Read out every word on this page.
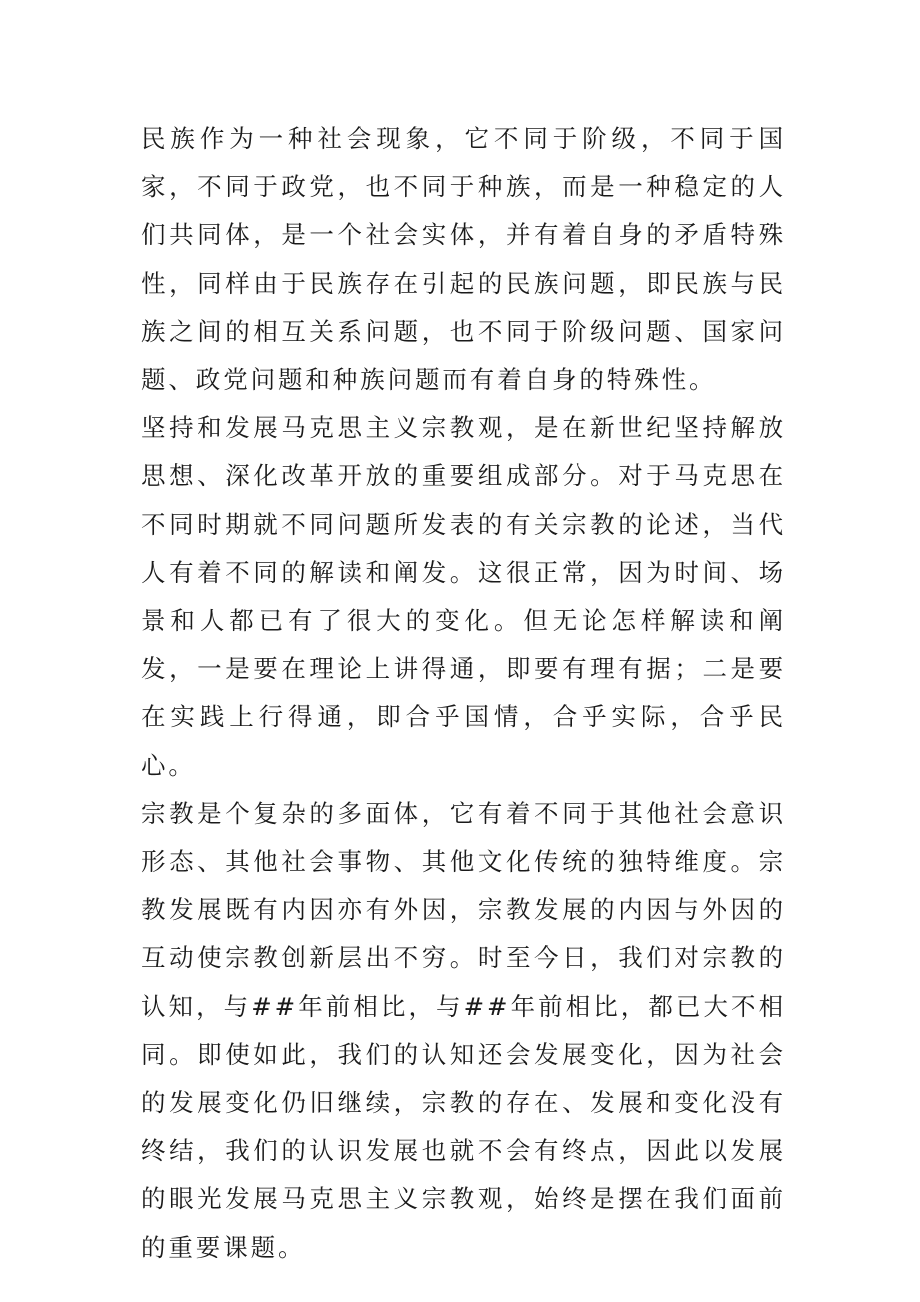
民族作为一种社会现象，它不同于阶级，不同于国家，不同于政党，也不同于种族，而是一种稳定的人们共同体，是一个社会实体，并有着自身的矛盾特殊性，同样由于民族存在引起的民族问题，即民族与民族之间的相互关系问题，也不同于阶级问题、国家问题、政党问题和种族问题而有着自身的特殊性。

坚持和发展马克思主义宗教观，是在新世纪坚持解放思想、深化改革开放的重要组成部分。对于马克思在不同时期就不同问题所发表的有关宗教的论述，当代人有着不同的解读和阐发。这很正常，因为时间、场景和人都已有了很大的变化。但无论怎样解读和阐发，一是要在理论上讲得通，即要有理有据；二是要在实践上行得通，即合乎国情，合乎实际，合乎民心。

宗教是个复杂的多面体，它有着不同于其他社会意识形态、其他社会事物、其他文化传统的独特维度。宗教发展既有内因亦有外因，宗教发展的内因与外因的互动使宗教创新层出不穷。时至今日，我们对宗教的认知，与##年前相比，与##年前相比，都已大不相同。即使如此，我们的认知还会发展变化，因为社会的发展变化仍旧继续，宗教的存在、发展和变化没有终结，我们的认识发展也就不会有终点，因此以发展的眼光发展马克思主义宗教观，始终是摆在我们面前的重要课题。
